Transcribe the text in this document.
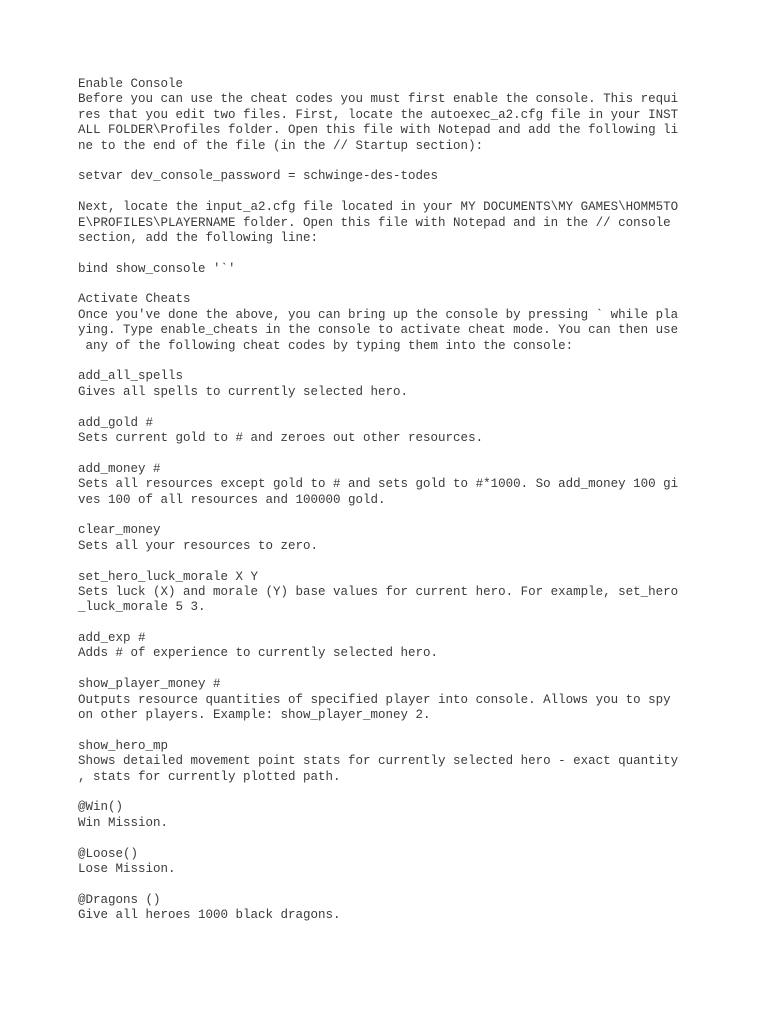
Enable Console
Before you can use the cheat codes you must first enable the console. This requi
res that you edit two files. First, locate the autoexec_a2.cfg file in your INST
ALL FOLDER\Profiles folder. Open this file with Notepad and add the following li
ne to the end of the file (in the // Startup section):
setvar dev_console_password = schwinge-des-todes
Next, locate the input_a2.cfg file located in your MY DOCUMENTS\MY GAMES\HOMM5TO
E\PROFILES\PLAYERNAME folder. Open this file with Notepad and in the // console
section, add the following line:
bind show_console '`'
Activate Cheats
Once you've done the above, you can bring up the console by pressing ` while pla
ying. Type enable_cheats in the console to activate cheat mode. You can then use
any of the following cheat codes by typing them into the console:
add_all_spells
Gives all spells to currently selected hero.
add_gold #
Sets current gold to # and zeroes out other resources.
add_money #
Sets all resources except gold to # and sets gold to #*1000. So add_money 100 gi
ves 100 of all resources and 100000 gold.
clear_money
Sets all your resources to zero.
set_hero_luck_morale X Y
Sets luck (X) and morale (Y) base values for current hero. For example, set_hero
_luck_morale 5 3.
add_exp #
Adds # of experience to currently selected hero.
show_player_money #
Outputs resource quantities of specified player into console. Allows you to spy
on other players. Example: show_player_money 2.
show_hero_mp
Shows detailed movement point stats for currently selected hero - exact quantity
, stats for currently plotted path.
@Win()
Win Mission.
@Loose()
Lose Mission.
@Dragons ()
Give all heroes 1000 black dragons.
